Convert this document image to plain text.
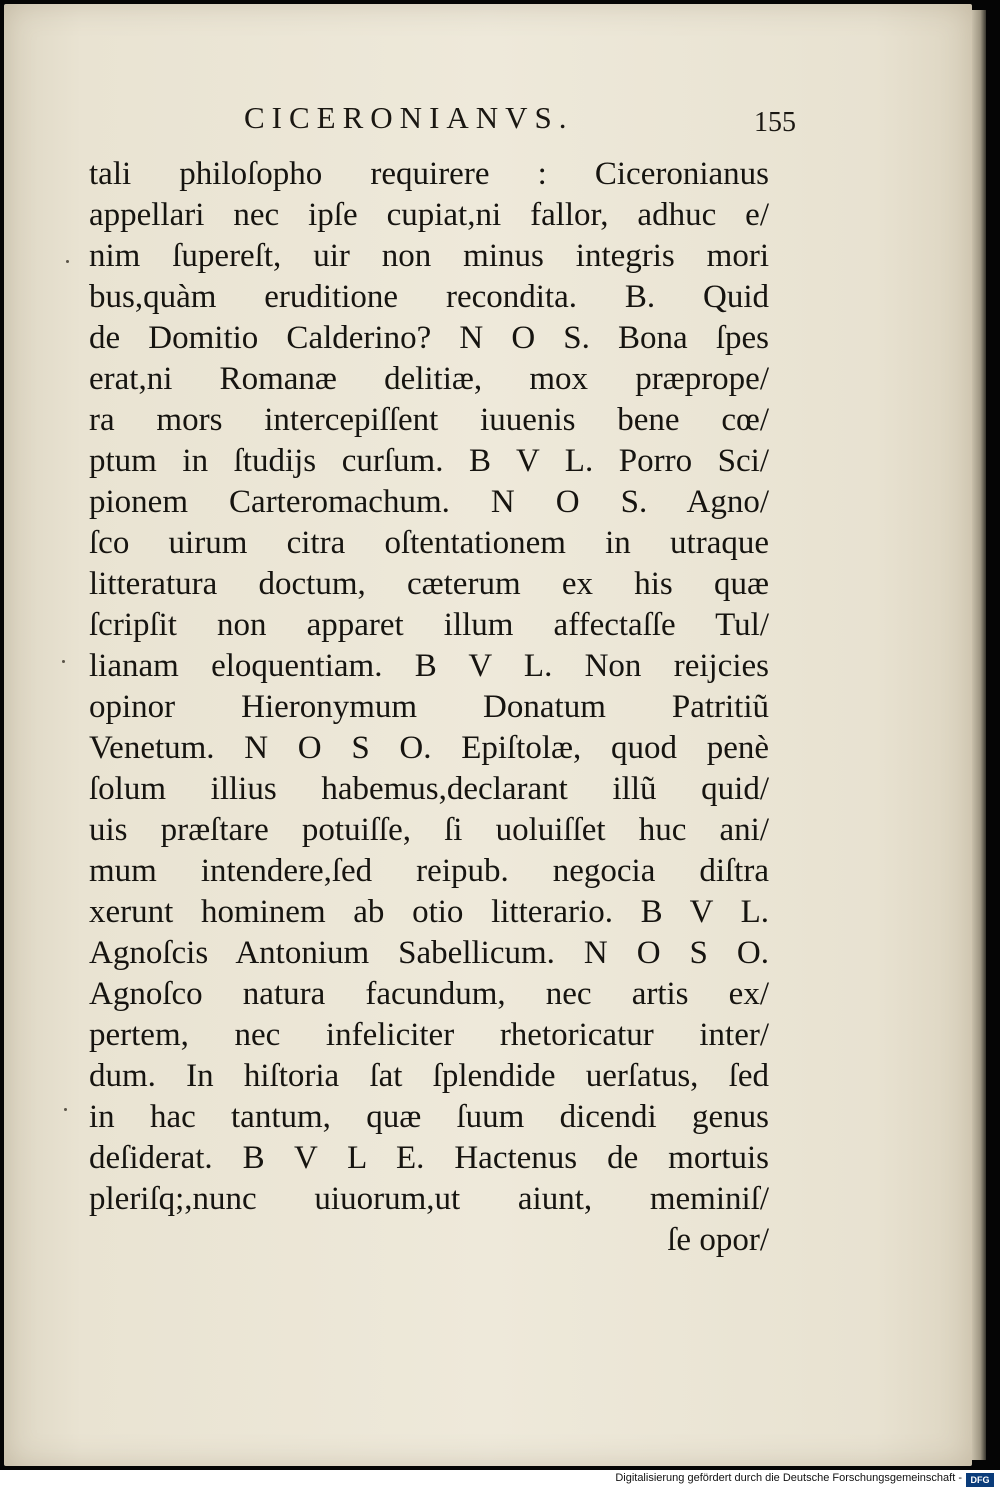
CICERONIANVS.	155
tali philoſopho requirere : Ciceronianus
appellari nec ipſe cupiat,ni fallor, adhuc e/
nim ſupereſt, uir non minus integris mori
bus,quàm eruditione recondita. B. Quid
de Domitio Calderino? N O S. Bona ſpes
erat,ni Romanæ delitiæ, mox præprope/
ra mors intercepiſſent iuuenis bene cœ/
ptum in ſtudijs curſum. B V L. Porro Sci/
pionem Carteromachum. N O S. Agno/
ſco uirum citra oſtentationem in utraque
litteratura doctum, cæterum ex his quæ
ſcripſit non apparet illum affectaſſe Tul/
lianam eloquentiam. B V L. Non reijcies
opinor Hieronymum Donatum Patritiũ
Venetum. N O S O. Epiſtolæ, quod penè
ſolum illius habemus,declarant illũ quid/
uis præſtare potuiſſe, ſi uoluiſſet huc ani/
mum intendere,ſed reipub. negocia diſtra
xerunt hominem ab otio litterario. B V L.
Agnoſcis Antonium Sabellicum. N O S O.
Agnoſco natura facundum, nec artis ex/
pertem, nec infeliciter rhetoricatur inter/
dum. In hiſtoria ſat ſplendide uerſatus, ſed
in hac tantum, quæ ſuum dicendi genus
deſiderat. B V L E. Hactenus de mortuis
pleriſq;,nunc uiuorum,ut aiunt, meminiſ/
ſe opor/
Digitalisierung gefördert durch die Deutsche Forschungsgemeinschaft - DFG
